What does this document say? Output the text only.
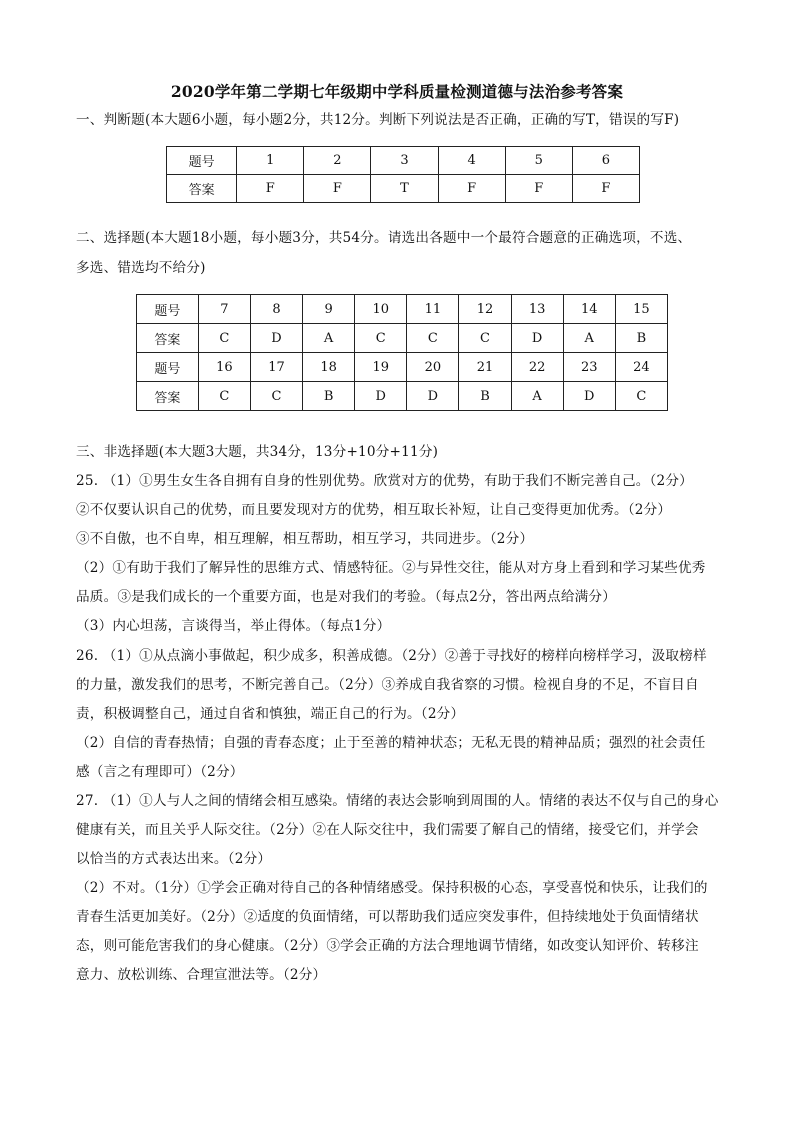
2020学年第二学期七年级期中学科质量检测道德与法治参考答案
一、判断题(本大题6小题，每小题2分，共12分。判断下列说法是否正确，正确的写T，错误的写F)
题号	1	2	3	4	5	6
答案	F	F	T	F	F	F
二、选择题(本大题18小题，每小题3分，共54分。请选出各题中一个最符合题意的正确选项，不选、
多选、错选均不给分)
题号	7	8	9	10	11	12	13	14	15
答案	C	D	A	C	C	C	D	A	B
题号	16	17	18	19	20	21	22	23	24
答案	C	C	B	D	D	B	A	D	C
三、非选择题(本大题3大题，共34分，13分+10分+11分)
25. （1）①男生女生各自拥有自身的性别优势。欣赏对方的优势，有助于我们不断完善自己。（2分）
②不仅要认识自己的优势，而且要发现对方的优势，相互取长补短，让自己变得更加优秀。（2分）
③不自傲，也不自卑，相互理解，相互帮助，相互学习，共同进步。（2分）
（2）①有助于我们了解异性的思维方式、情感特征。②与异性交往，能从对方身上看到和学习某些优秀
品质。③是我们成长的一个重要方面，也是对我们的考验。（每点2分，答出两点给满分）
（3）内心坦荡，言谈得当，举止得体。（每点1分）
26. （1）①从点滴小事做起，积少成多，积善成德。（2分）②善于寻找好的榜样向榜样学习，汲取榜样
的力量，激发我们的思考，不断完善自己。（2分）③养成自我省察的习惯。检视自身的不足，不盲目自
责，积极调整自己，通过自省和慎独，端正自己的行为。（2分）
（2）自信的青春热情；自强的青春态度；止于至善的精神状态；无私无畏的精神品质；强烈的社会责任
感（言之有理即可）（2分）
27. （1）①人与人之间的情绪会相互感染。情绪的表达会影响到周围的人。情绪的表达不仅与自己的身心
健康有关，而且关乎人际交往。（2分）②在人际交往中，我们需要了解自己的情绪，接受它们，并学会
以恰当的方式表达出来。（2分）
（2）不对。（1分）①学会正确对待自己的各种情绪感受。保持积极的心态，享受喜悦和快乐，让我们的
青春生活更加美好。（2分）②适度的负面情绪，可以帮助我们适应突发事件，但持续地处于负面情绪状
态，则可能危害我们的身心健康。（2分）③学会正确的方法合理地调节情绪，如改变认知评价、转移注
意力、放松训练、合理宣泄法等。（2分）
